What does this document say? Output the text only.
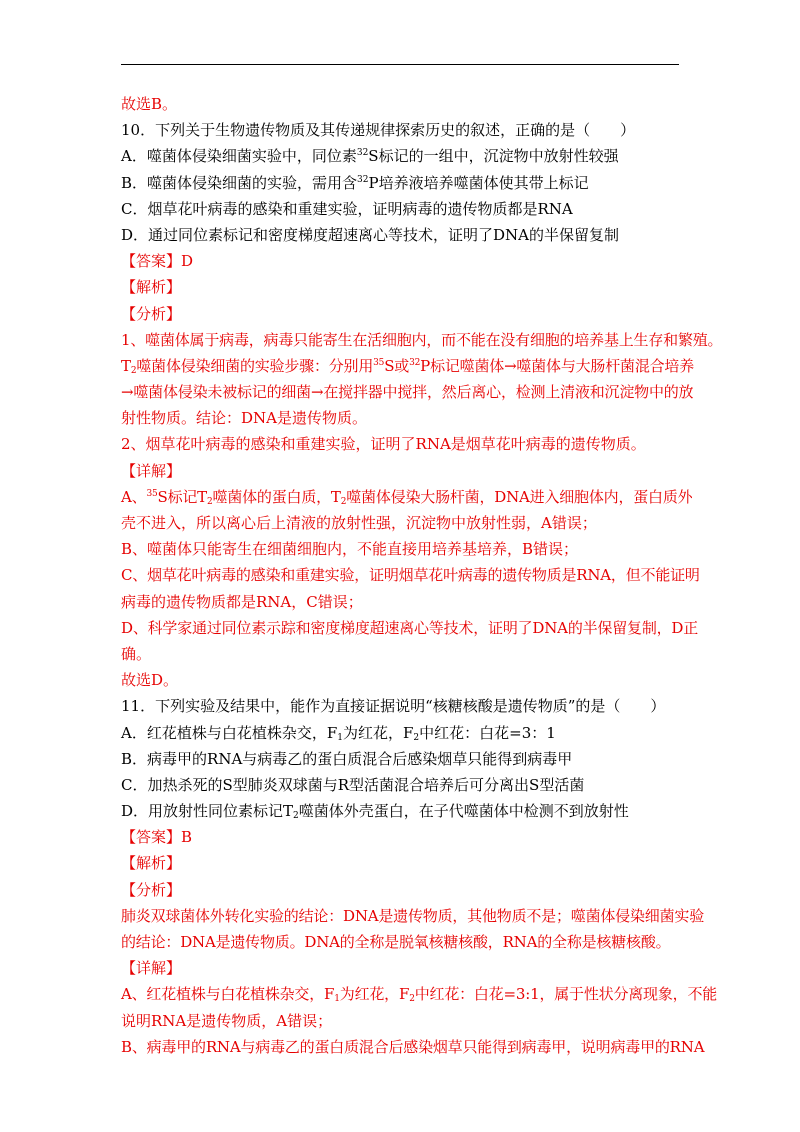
故选B。
10．下列关于生物遗传物质及其传递规律探索历史的叙述，正确的是（　　）
A．噬菌体侵染细菌实验中，同位素$^{32}$S标记的一组中，沉淀物中放射性较强
B．噬菌体侵染细菌的实验，需用含$^{32}$P培养液培养噬菌体使其带上标记
C．烟草花叶病毒的感染和重建实验，证明病毒的遗传物质都是RNA
D．通过同位素标记和密度梯度超速离心等技术，证明了DNA的半保留复制
【答案】D
【解析】
【分析】
1、噬菌体属于病毒，病毒只能寄生在活细胞内，而不能在没有细胞的培养基上生存和繁殖。
$T_2$噬菌体侵染细菌的实验步骤：分别用$^{35}$S或$^{32}$P标记噬菌体→噬菌体与大肠杆菌混合培养
→噬菌体侵染未被标记的细菌→在搅拌器中搅拌，然后离心，检测上清液和沉淀物中的放
射性物质。结论：DNA是遗传物质。
2、烟草花叶病毒的感染和重建实验，证明了RNA是烟草花叶病毒的遗传物质。
【详解】
A、$^{35}$S标记$T_2$噬菌体的蛋白质，$T_2$噬菌体侵染大肠杆菌，DNA进入细胞体内，蛋白质外
壳不进入，所以离心后上清液的放射性强，沉淀物中放射性弱，A错误；
B、噬菌体只能寄生在细菌细胞内，不能直接用培养基培养，B错误；
C、烟草花叶病毒的感染和重建实验，证明烟草花叶病毒的遗传物质是RNA，但不能证明
病毒的遗传物质都是RNA，C错误；
D、科学家通过同位素示踪和密度梯度超速离心等技术，证明了DNA的半保留复制，D正
确。
故选D。
11．下列实验及结果中，能作为直接证据说明“核糖核酸是遗传物质”的是（　　）
A．红花植株与白花植株杂交，$F_1$为红花，$F_2$中红花：白花=3：1
B．病毒甲的RNA与病毒乙的蛋白质混合后感染烟草只能得到病毒甲
C．加热杀死的S型肺炎双球菌与R型活菌混合培养后可分离出S型活菌
D．用放射性同位素标记$T_2$噬菌体外壳蛋白，在子代噬菌体中检测不到放射性
【答案】B
【解析】
【分析】
肺炎双球菌体外转化实验的结论：DNA是遗传物质，其他物质不是；噬菌体侵染细菌实验
的结论：DNA是遗传物质。DNA的全称是脱氧核糖核酸，RNA的全称是核糖核酸。
【详解】
A、红花植株与白花植株杂交，$F_1$为红花，$F_2$中红花：白花=3:1，属于性状分离现象，不能
说明RNA是遗传物质，A错误；
B、病毒甲的RNA与病毒乙的蛋白质混合后感染烟草只能得到病毒甲，说明病毒甲的RNA
